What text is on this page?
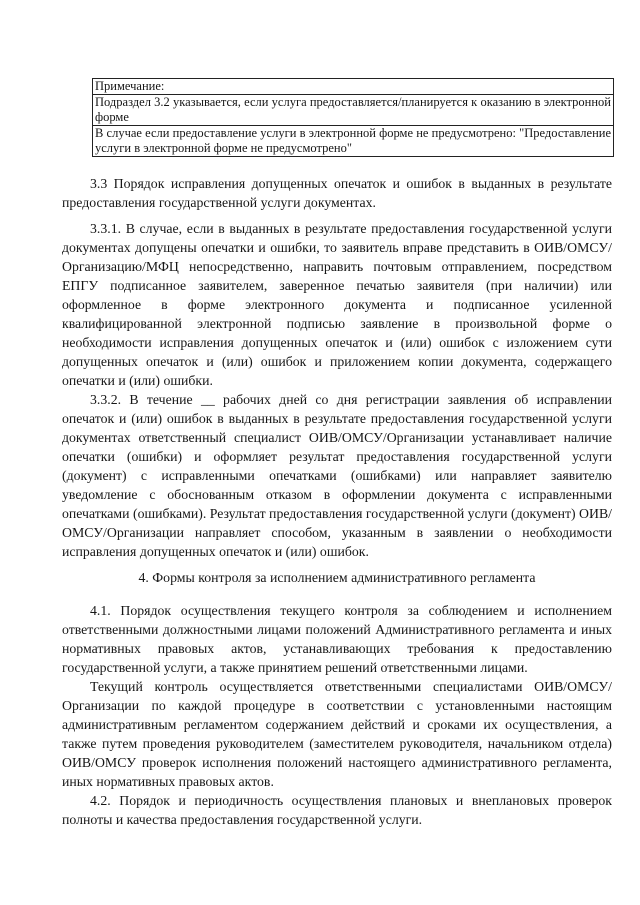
Примечание:
Подраздел 3.2 указывается, если услуга предоставляется/планируется к оказанию в электронной форме
В случае если предоставление услуги в электронной форме не предусмотрено: "Предоставление услуги в электронной форме не предусмотрено"

3.3 Порядок исправления допущенных опечаток и ошибок в выданных в результате предоставления государственной услуги документах.

3.3.1. В случае, если в выданных в результате предоставления государственной услуги документах допущены опечатки и ошибки, то заявитель вправе представить в ОИВ/ОМСУ/Организацию/МФЦ непосредственно, направить почтовым отправлением, посредством ЕПГУ подписанное заявителем, заверенное печатью заявителя (при наличии) или оформленное в форме электронного документа и подписанное усиленной квалифицированной электронной подписью заявление в произвольной форме о необходимости исправления допущенных опечаток и (или) ошибок с изложением сути допущенных опечаток и (или) ошибок и приложением копии документа, содержащего опечатки и (или) ошибки.

3.3.2. В течение __ рабочих дней со дня регистрации заявления об исправлении опечаток и (или) ошибок в выданных в результате предоставления государственной услуги документах ответственный специалист ОИВ/ОМСУ/Организации устанавливает наличие опечатки (ошибки) и оформляет результат предоставления государственной услуги (документ) с исправленными опечатками (ошибками) или направляет заявителю уведомление с обоснованным отказом в оформлении документа с исправленными опечатками (ошибками). Результат предоставления государственной услуги (документ) ОИВ/ОМСУ/Организации направляет способом, указанным в заявлении о необходимости исправления допущенных опечаток и (или) ошибок.

4. Формы контроля за исполнением административного регламента

4.1. Порядок осуществления текущего контроля за соблюдением и исполнением ответственными должностными лицами положений Административного регламента и иных нормативных правовых актов, устанавливающих требования к предоставлению государственной услуги, а также принятием решений ответственными лицами.

Текущий контроль осуществляется ответственными специалистами ОИВ/ОМСУ/Организации по каждой процедуре в соответствии с установленными настоящим административным регламентом содержанием действий и сроками их осуществления, а также путем проведения руководителем (заместителем руководителя, начальником отдела) ОИВ/ОМСУ проверок исполнения положений настоящего административного регламента, иных нормативных правовых актов.

4.2. Порядок и периодичность осуществления плановых и внеплановых проверок полноты и качества предоставления государственной услуги.
